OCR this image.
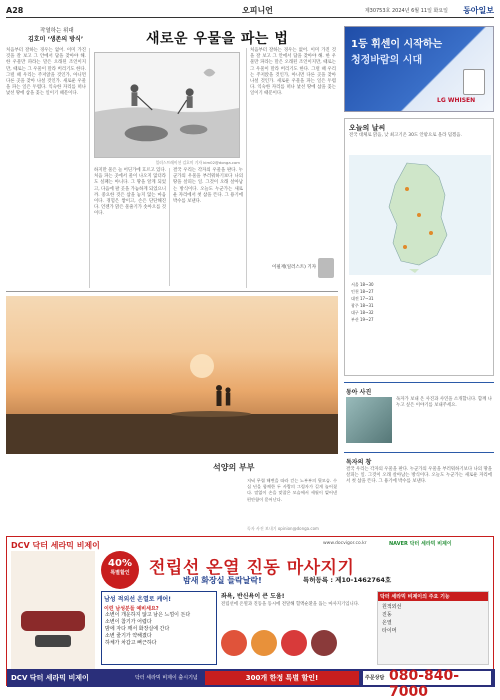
A28	오피니언	제30753호 2024년 6월 11일 화요일 동아일보
작열하는 위대
김호미 ‘생존의 방식’	새로운 우물을 파는 법
처음부터 잘하는 경우는 없어. 이미 가진 것을 잘 보고 그 안에서 답을 찾아야 해. 한 우물만 파라는 말은 오래된 조언이지만, 때로는 그 우물이 말라 버리기도 한다. 그럴 때 우리는 주저앉을 것인가, 아니면 다른 곳을 찾아 나설 것인가. 새로운 우물을 파는 일은 두렵다. 익숙한 자리를 떠나 낯선 땅에 삽을 꽂는 일이기 때문이다.
일러스트레이션 김호미 기자 kim02@donga.com
하지만 물은 늘 어딘가에 흐르고 있다. 처음 파는 곳에서 물이 나오지 않더라도 실패는 아니다. 그 땅을 알게 되었고, 다음에 팔 곳을 가늠하게 되었으니까. 중요한 것은 삽을 놓지 않는 마음이다. 경험은 쌓이고, 손은 단단해진다. 언젠가 맑은 물줄기가 솟아오를 것이다.
결국 우리는 각자의 우물을 판다. 누군가의 우물을 부러워하기보다 나의 땅을 살피는 일. 그것이 오래 살아남는 방식이다. 오늘도 누군가는 새로운 자리에서 첫 삽을 뜬다. 그 용기에 박수를 보낸다.
처음부터 잘하는 경우는 없어. 이미 가진 것을 잘 보고 그 안에서 답을 찾아야 해. 한 우물만 파라는 말은 오래된 조언이지만, 때로는 그 우물이 말라 버리기도 한다. 그럴 때 우리는 주저앉을 것인가, 아니면 다른 곳을 찾아 나설 것인가. 새로운 우물을 파는 일은 두렵다. 익숙한 자리를 떠나 낯선 땅에 삽을 꽂는 일이기 때문이다.
이필재(일러스트) 기자
석양의 부부
저녁 무렵 해변을 따라 걷는 노부부의 뒷모습. 수십 년을 함께한 두 사람의 그림자가 길게 늘어졌다. 말없이 손을 맞잡은 모습에서 세월이 빚어낸 편안함이 묻어난다.
독자 사진 보내기 opinion@donga.com
1등 휘센이 시작하는
청정바람의 시대
LG WHISEN
오늘의 날씨
전국 대체로 맑음, 낮 최고기온 30도 안팎으로 올라 덥겠음.
서울 18~30
인천 18~27
대전 17~31
광주 18~31
대구 18~32
부산 19~27
동아 사진
독자가 보내 온 사진과 사연을 소개합니다. 함께 나누고 싶은 이야기를 보내주세요.
독자의 창
결국 우리는 각자의 우물을 판다. 누군가의 우물을 부러워하기보다 나의 땅을 살피는 일. 그것이 오래 살아남는 방식이다. 오늘도 누군가는 새로운 자리에서 첫 삽을 뜬다. 그 용기에 박수를 보낸다.
DCV 닥터 세라믹 비제이	www.docvigor.co.kr	NAVER 닥터 세라믹 비제이
40%
특별할인	전립선 온열 진동 마사지기
밤새 화장실 들락날락!	특허등록 : 제10-1462764호
남성 적외선 온열로 케어!
이런 남성분들 예비세요?
소변이 개운하지 않고 남은 느낌이 든다
소변이 참기가 어렵다
밤에 자다 깨서 화장실에 간다
소변 줄기가 약해졌다
하체가 차갑고 뻐근하다
좌욕, 반신욕이 큰 도움!
전립선에 온열과 진동을 동시에 전달해 혈액순환을 돕는 마사지기입니다.
닥터 세라믹 비제이의 주요 기능
원적외선
진동
온열
타이머
DCV 닥터 세라믹 비제이	닥터 세라믹 비제이 출시기념	300개 한정 특별 할인!	주문상담 080-840-7000
